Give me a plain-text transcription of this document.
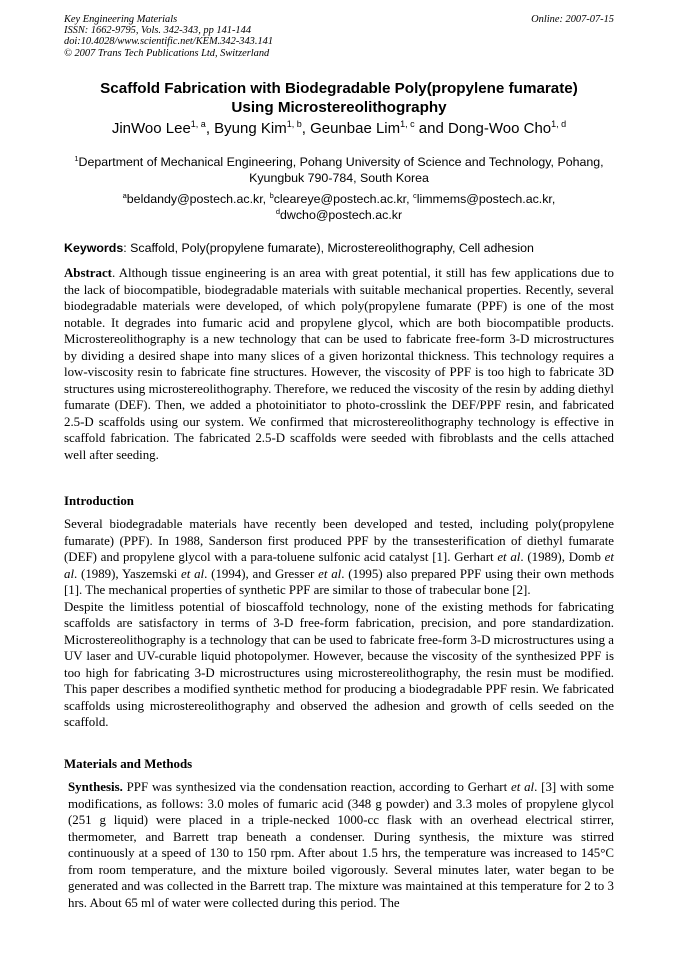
Key Engineering Materials
ISSN: 1662-9795, Vols. 342-343, pp 141-144
doi:10.4028/www.scientific.net/KEM.342-343.141
© 2007 Trans Tech Publications Ltd, Switzerland
Online: 2007-07-15
Scaffold Fabrication with Biodegradable Poly(propylene fumarate)
Using Microstereolithography
JinWoo Lee$^{1, a}$, Byung Kim$^{1, b}$, Geunbae Lim$^{1, c}$ and Dong-Woo Cho$^{1, d}$
$^1$Department of Mechanical Engineering, Pohang University of Science and Technology, Pohang,
Kyungbuk 790-784, South Korea
$^a$beldandy@postech.ac.kr, $^b$cleareye@postech.ac.kr, $^c$limmems@postech.ac.kr,
$^d$dwcho@postech.ac.kr
Keywords: Scaffold, Poly(propylene fumarate), Microstereolithography, Cell adhesion

Abstract. Although tissue engineering is an area with great potential, it still has few applications due to the lack of biocompatible, biodegradable materials with suitable mechanical properties. Recently, several biodegradable materials were developed, of which poly(propylene fumarate (PPF) is one of the most notable. It degrades into fumaric acid and propylene glycol, which are both biocompatible products. Microstereolithography is a new technology that can be used to fabricate free-form 3-D microstructures by dividing a desired shape into many slices of a given horizontal thickness. This technology requires a low-viscosity resin to fabricate fine structures. However, the viscosity of PPF is too high to fabricate 3D structures using microstereolithography. Therefore, we reduced the viscosity of the resin by adding diethyl fumarate (DEF). Then, we added a photoinitiator to photo-crosslink the DEF/PPF resin, and fabricated 2.5-D scaffolds using our system. We confirmed that microstereolithography technology is effective in scaffold fabrication. The fabricated 2.5-D scaffolds were seeded with fibroblasts and the cells attached well after seeding.

Introduction

Several biodegradable materials have recently been developed and tested, including poly(propylene fumarate) (PPF). In 1988, Sanderson first produced PPF by the transesterification of diethyl fumarate (DEF) and propylene glycol with a para-toluene sulfonic acid catalyst [1]. Gerhart et al. (1989), Domb et al. (1989), Yaszemski et al. (1994), and Gresser et al. (1995) also prepared PPF using their own methods [1]. The mechanical properties of synthetic PPF are similar to those of trabecular bone [2].

Despite the limitless potential of bioscaffold technology, none of the existing methods for fabricating scaffolds are satisfactory in terms of 3-D free-form fabrication, precision, and pore standardization. Microstereolithography is a technology that can be used to fabricate free-form 3-D microstructures using a UV laser and UV-curable liquid photopolymer. However, because the viscosity of the synthesized PPF is too high for fabricating 3-D microstructures using microstereolithography, the resin must be modified. This paper describes a modified synthetic method for producing a biodegradable PPF resin. We fabricated scaffolds using microstereolithography and observed the adhesion and growth of cells seeded on the scaffold.

Materials and Methods

Synthesis. PPF was synthesized via the condensation reaction, according to Gerhart et al. [3] with some modifications, as follows: 3.0 moles of fumaric acid (348 g powder) and 3.3 moles of propylene glycol (251 g liquid) were placed in a triple-necked 1000-cc flask with an overhead electrical stirrer, thermometer, and Barrett trap beneath a condenser. During synthesis, the mixture was stirred continuously at a speed of 130 to 150 rpm. After about 1.5 hrs, the temperature was increased to 145°C from room temperature, and the mixture boiled vigorously. Several minutes later, water began to be generated and was collected in the Barrett trap. The mixture was maintained at this temperature for 2 to 3 hrs. About 65 ml of water were collected during this period. The
